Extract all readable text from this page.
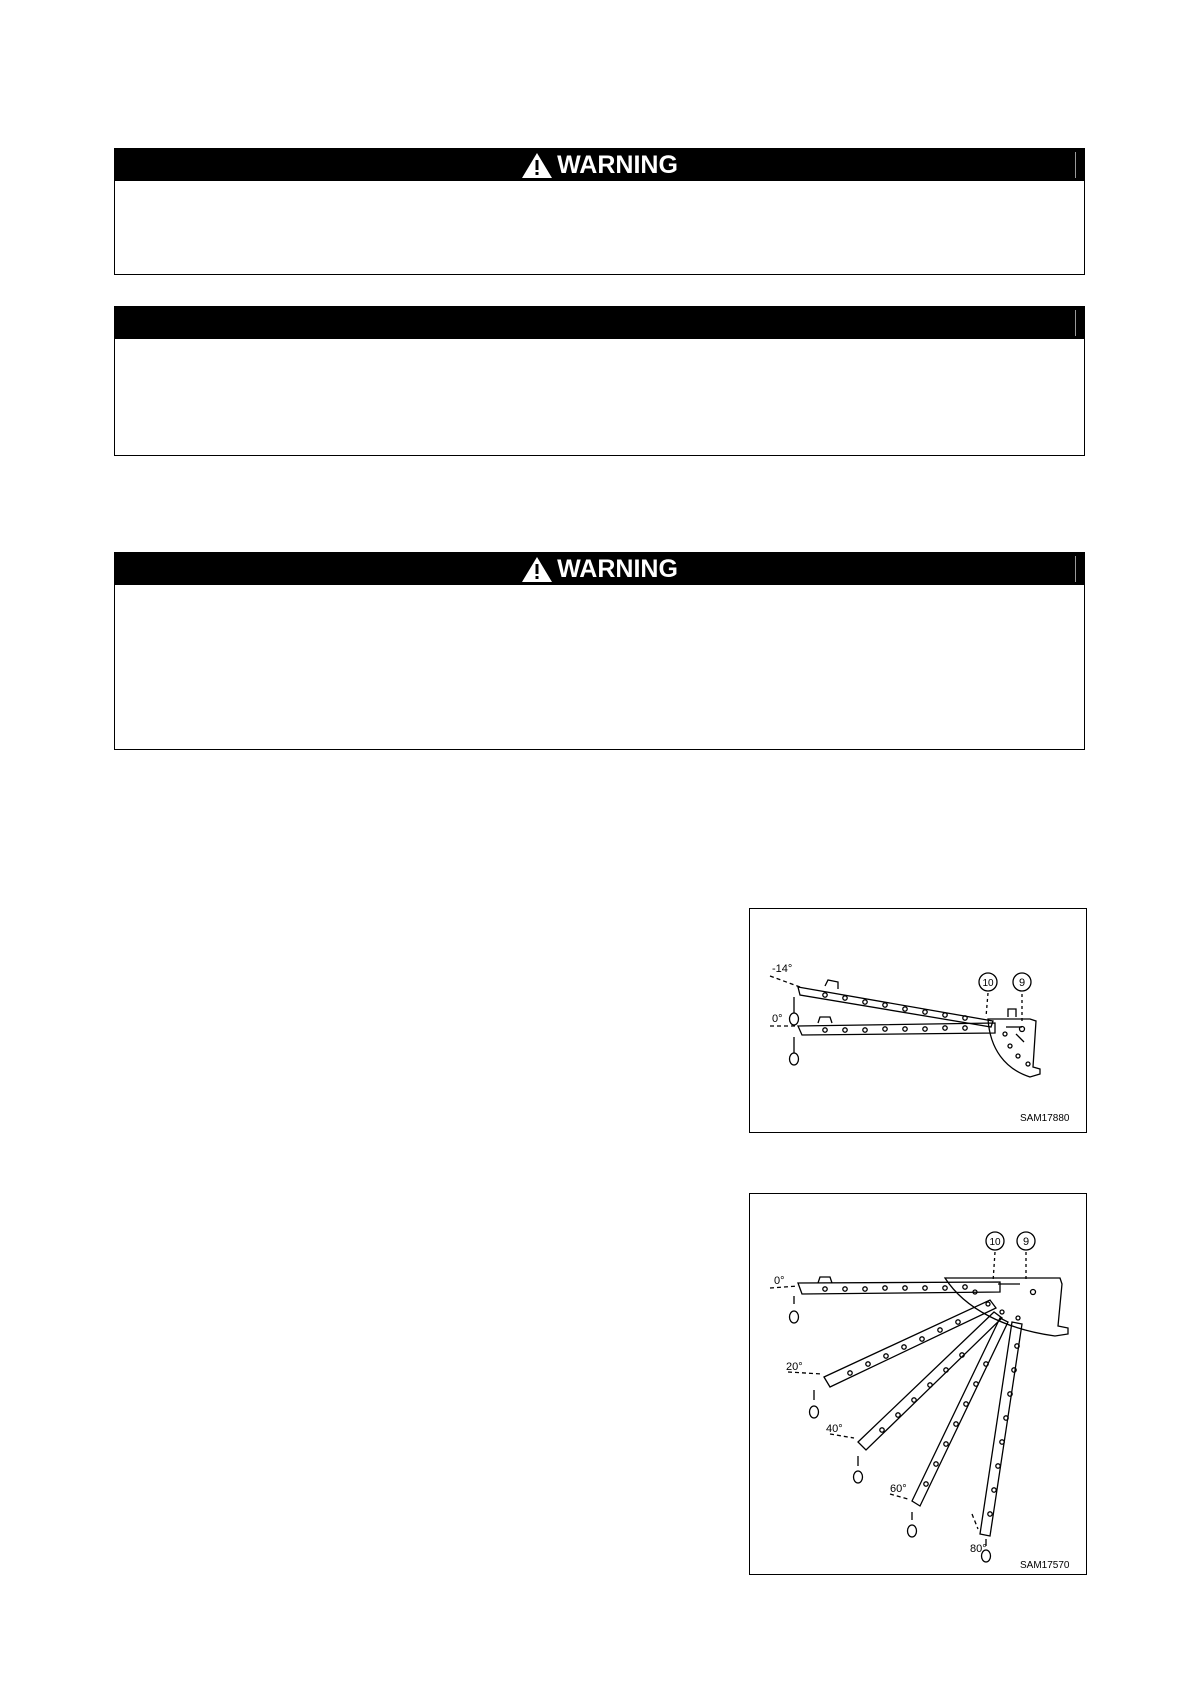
WARNING
WARNING
10 9
-14°
0°
SAM17880
10 9
0°
20°
40°
60°
80°
SAM17570
